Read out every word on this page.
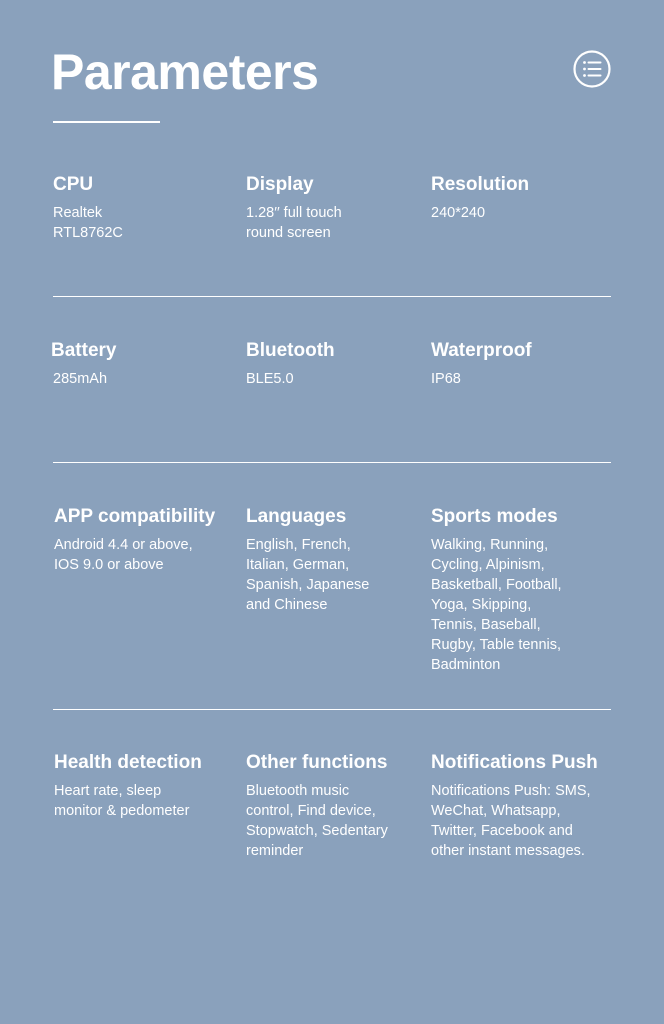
Parameters
CPU
Realtek
RTL8762C
Display
1.28′′ full touch
round screen
Resolution
240*240
Battery
285mAh
Bluetooth
BLE5.0
Waterproof
IP68
APP compatibility
Android 4.4 or above,
IOS 9.0 or above
Languages
English, French,
Italian, German,
Spanish, Japanese
and Chinese
Sports modes
Walking, Running,
Cycling, Alpinism,
Basketball, Football,
Yoga, Skipping,
Tennis, Baseball,
Rugby, Table tennis,
Badminton
Health detection
Heart rate, sleep
monitor & pedometer
Other functions
Bluetooth music
control, Find device,
Stopwatch, Sedentary
reminder
Notifications Push
Notifications Push: SMS,
WeChat, Whatsapp,
Twitter, Facebook and
other instant messages.
